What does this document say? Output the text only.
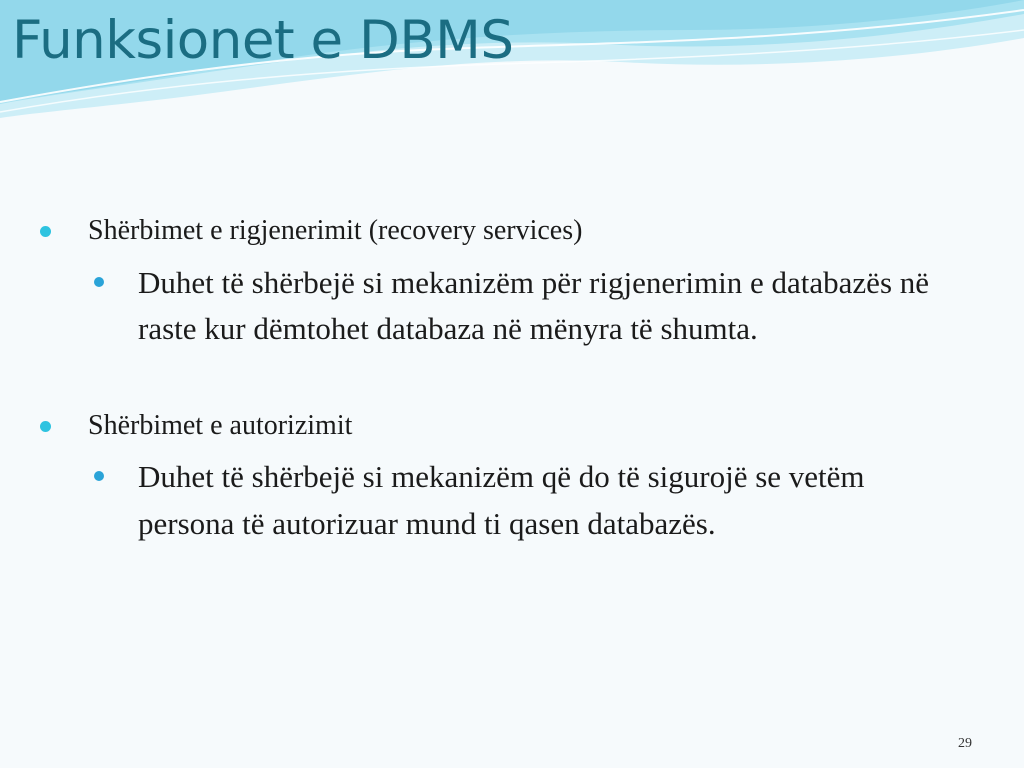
Funksionet e DBMS
Shërbimet e rigjenerimit (recovery services)
Duhet të shërbejë si mekanizëm për rigjenerimin e databazës në raste kur dëmtohet databaza në mënyra të shumta.
Shërbimet e autorizimit
Duhet të shërbejë si mekanizëm që do të sigurojë se vetëm persona të autorizuar mund ti qasen databazës.
29
